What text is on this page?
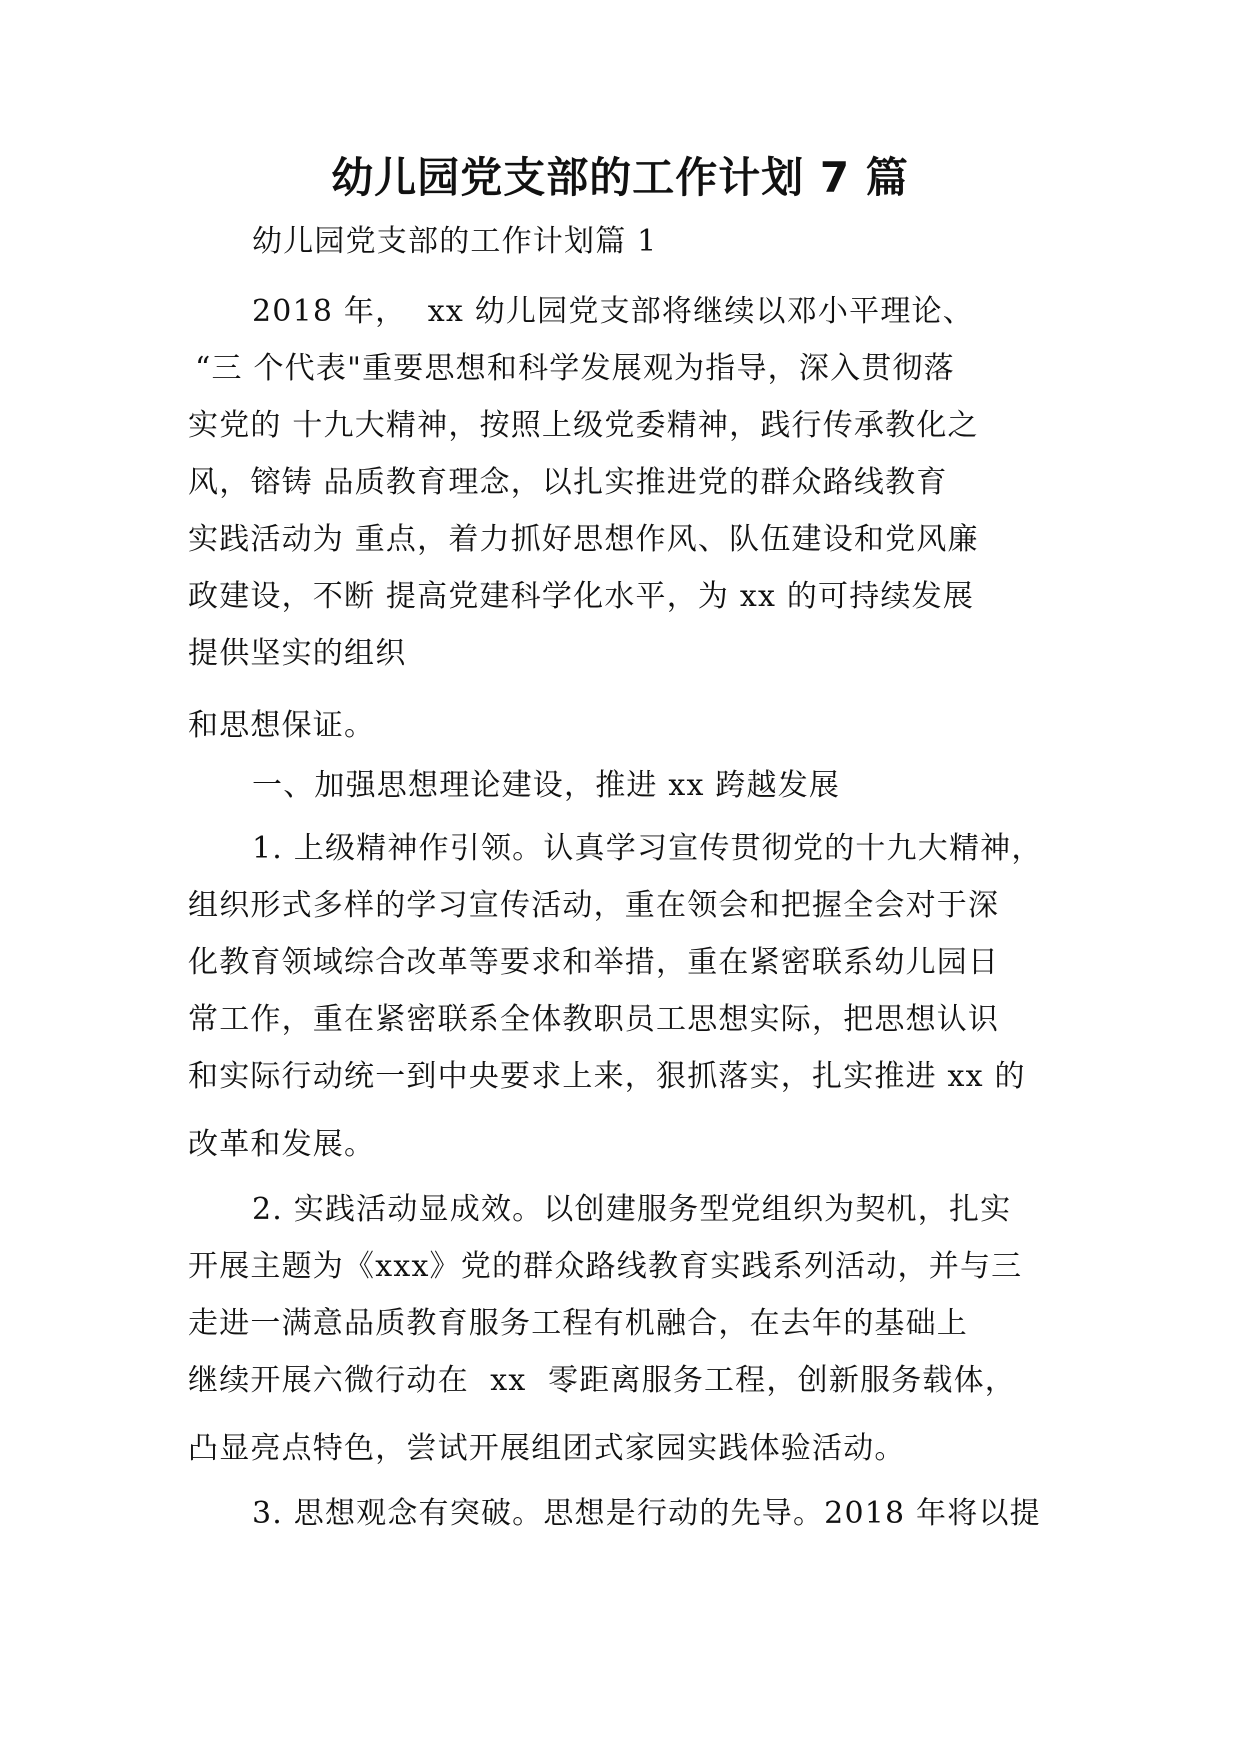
幼儿园党支部的工作计划 7 篇

幼儿园党支部的工作计划篇 1

2018 年，  xx 幼儿园党支部将继续以邓小平理论、

“三 个代表"重要思想和科学发展观为指导，深入贯彻落

实党的 十九大精神，按照上级党委精神，践行传承教化之

风，镕铸 品质教育理念，以扎实推进党的群众路线教育

实践活动为 重点，着力抓好思想作风、队伍建设和党风廉

政建设，不断 提高党建科学化水平，为 xx 的可持续发展

提供坚实的组织

和思想保证。

一、加强思想理论建设，推进 xx 跨越发展

1. 上级精神作引领。认真学习宣传贯彻党的十九大精神，

组织形式多样的学习宣传活动，重在领会和把握全会对于深

化教育领域综合改革等要求和举措，重在紧密联系幼儿园日

常工作，重在紧密联系全体教职员工思想实际，把思想认识

和实际行动统一到中央要求上来，狠抓落实，扎实推进 xx 的

改革和发展。

2. 实践活动显成效。以创建服务型党组织为契机，扎实

开展主题为《xxx》党的群众路线教育实践系列活动，并与三

走进一满意品质教育服务工程有机融合，在去年的基础上

继续开展六微行动在  xx  零距离服务工程，创新服务载体，

凸显亮点特色，尝试开展组团式家园实践体验活动。

3. 思想观念有突破。思想是行动的先导。2018 年将以提
